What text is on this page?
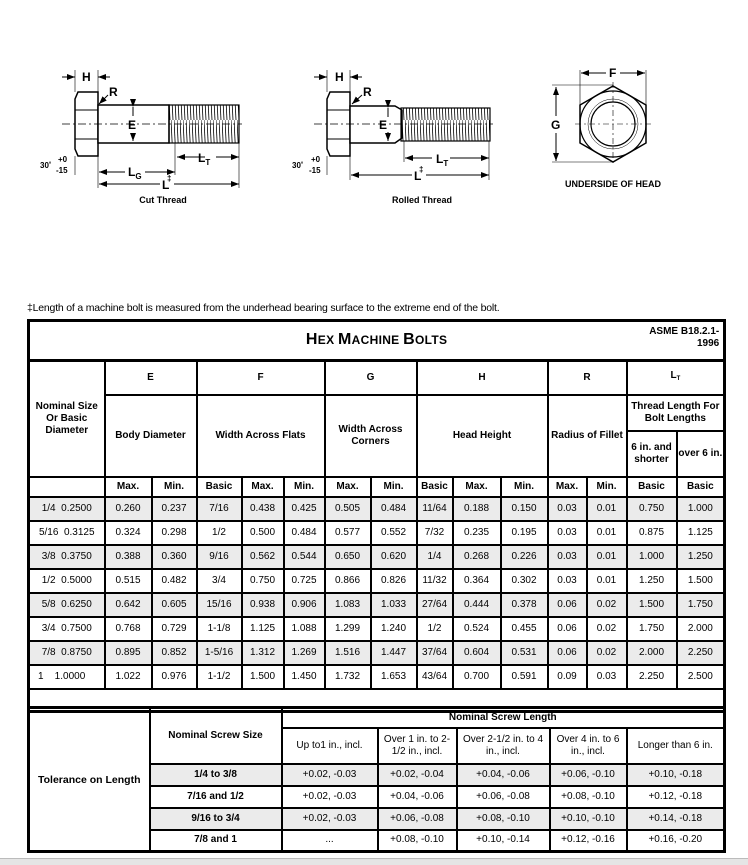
E
H
R
30˚
+0
-15
$L_T$
$L_G$
L
‡
E
H
R
30˚
+0
-15
$L_T$
L
‡
F
G
Cut Thread	Rolled Thread
UNDERSIDE OF HEAD
‡Length of a machine bolt is measured from the underhead bearing surface to the extreme end of the bolt.
HEX MACHINE BOLTS
ASME B18.2.1-
1996														

Nominal Size Or Basic Diameter	E		F			G		H			R		$L_T$
	Body Diameter		Width Across Flats			Width Across Corners		Head Height			Radius of Fillet		Thread Length For Bolt Lengths	
													6 in. and shorter	over 6 in.
	Max.	Min.	Basic	Max.	Min.	Max.	Min.	Basic	Max.	Min.	Max.	Min.	Basic	Basic
1/4  0.2500	0.260	0.237	7/16	0.438	0.425	0.505	0.484	11/64	0.188	0.150	0.03	0.01	0.750	1.000
5/16  0.3125	0.324	0.298	1/2	0.500	0.484	0.577	0.552	7/32	0.235	0.195	0.03	0.01	0.875	1.125
3/8  0.3750	0.388	0.360	9/16	0.562	0.544	0.650	0.620	1/4	0.268	0.226	0.03	0.01	1.000	1.250
1/2  0.5000	0.515	0.482	3/4	0.750	0.725	0.866	0.826	11/32	0.364	0.302	0.03	0.01	1.250	1.500
5/8  0.6250	0.642	0.605	15/16	0.938	0.906	1.083	1.033	27/64	0.444	0.378	0.06	0.02	1.500	1.750
3/4  0.7500	0.768	0.729	1-1/8	1.125	1.088	1.299	1.240	1/2	0.524	0.455	0.06	0.02	1.750	2.000
7/8  0.8750	0.895	0.852	1-5/16	1.312	1.269	1.516	1.447	37/64	0.604	0.531	0.06	0.02	2.000	2.250
1    1.0000	1.022	0.976	1-1/2	1.500	1.450	1.732	1.653	43/64	0.700	0.591	0.09	0.03	2.250	2.500

Tolerance on Length	Nominal Screw Size	Nominal Screw Length				
		Up to1 in., incl.	Over 1 in. to 2-1/2 in., incl.	Over 2-1/2 in. to 4 in., incl.	Over 4 in. to 6 in., incl.	Longer than 6 in.
	1/4 to 3/8	+0.02, -0.03	+0.02, -0.04	+0.04, -0.06	+0.06, -0.10	+0.10, -0.18
	7/16 and 1/2	+0.02, -0.03	+0.04, -0.06	+0.06, -0.08	+0.08, -0.10	+0.12, -0.18
	9/16 to 3/4	+0.02, -0.03	+0.06, -0.08	+0.08, -0.10	+0.10, -0.10	+0.14, -0.18
	7/8 and 1	...	+0.08, -0.10	+0.10, -0.14	+0.12, -0.16	+0.16, -0.20
